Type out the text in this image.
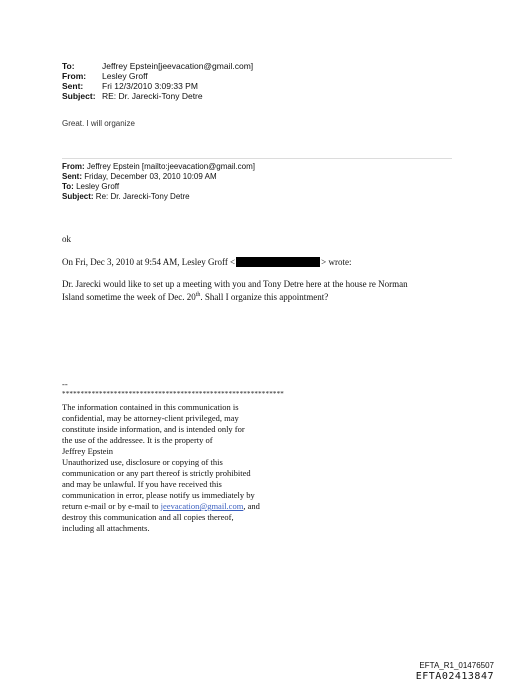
To:	Jeffrey Epstein[jeevacation@gmail.com]
From: Lesley Groff
Sent: Fri 12/3/2010 3:09:33 PM
Subject: RE: Dr. Jarecki-Tony Detre
Great. I will organize
From: Jeffrey Epstein [mailto:jeevacation@gmail.com]
Sent: Friday, December 03, 2010 10:09 AM
To: Lesley Groff
Subject: Re: Dr. Jarecki-Tony Detre
ok
On Fri, Dec 3, 2010 at 9:54 AM, Lesley Groff <	> wrote:
Dr. Jarecki would like to set up a meeting with you and Tony Detre here at the house re Norman
Island sometime the week of Dec. 20th. Shall I organize this appointment?
--
************************************************************
The information contained in this communication is
confidential, may be attorney-client privileged, may
constitute inside information, and is intended only for
the use of the addressee. It is the property of
Jeffrey Epstein
Unauthorized use, disclosure or copying of this
communication or any part thereof is strictly prohibited
and may be unlawful. If you have received this
communication in error, please notify us immediately by
return e-mail or by e-mail to jeevacation@gmail.com, and
destroy this communication and all copies thereof,
including all attachments.
EFTA_R1_01476507
EFTA02413847
